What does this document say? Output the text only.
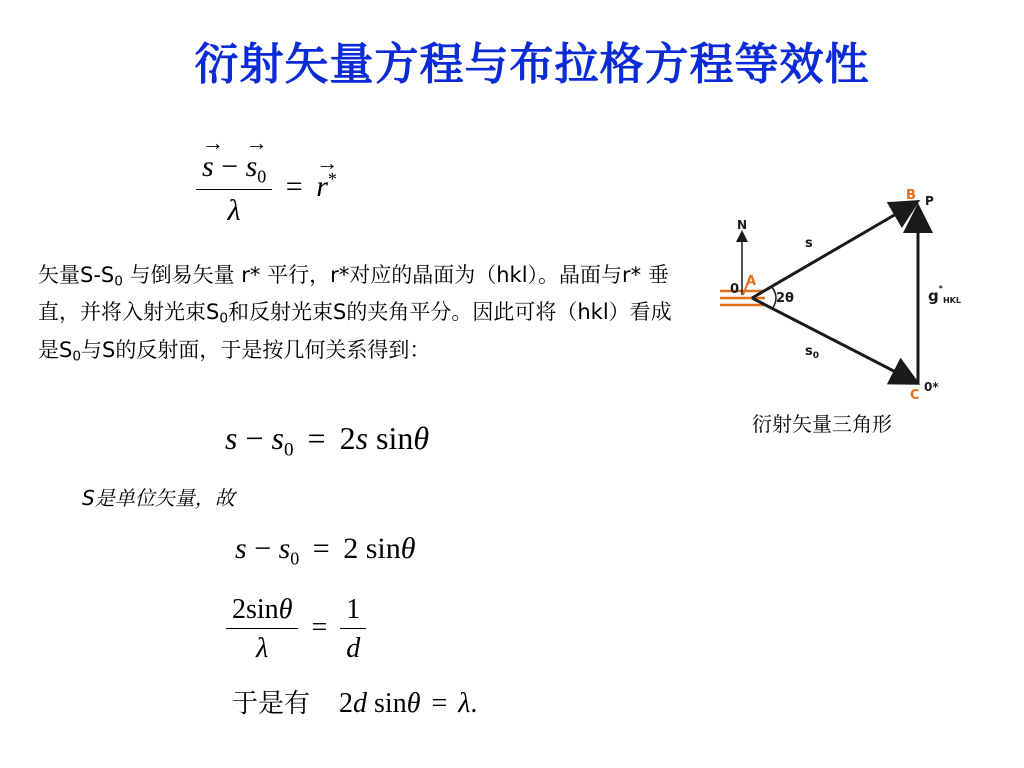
衍射矢量方程与布拉格方程等效性
→ $\frac{s - \to s_0}{\lambda}$ = → r*
矢量$S-S_0$ 与倒易矢量 r* 平行，r*对应的晶面为（hkl）。晶面与r* 垂直，并将入射光束$S_0$和反射光束S的夹角平分。因此可将（hkl）看成是$S_0$与S的反射面，于是按几何关系得到：
$s - s_0 = 2s$ sinθ
S是单位矢量，故
$s - s_0 = 2$ sinθ
$\frac{2\sin\theta}{\lambda} = \frac{1}{d}$
于是有 2d sinθ = λ.
N
A
0
2θ
s
$s_0$
B P
C
0*
$g^*_{HKL}$
衍射矢量三角形
